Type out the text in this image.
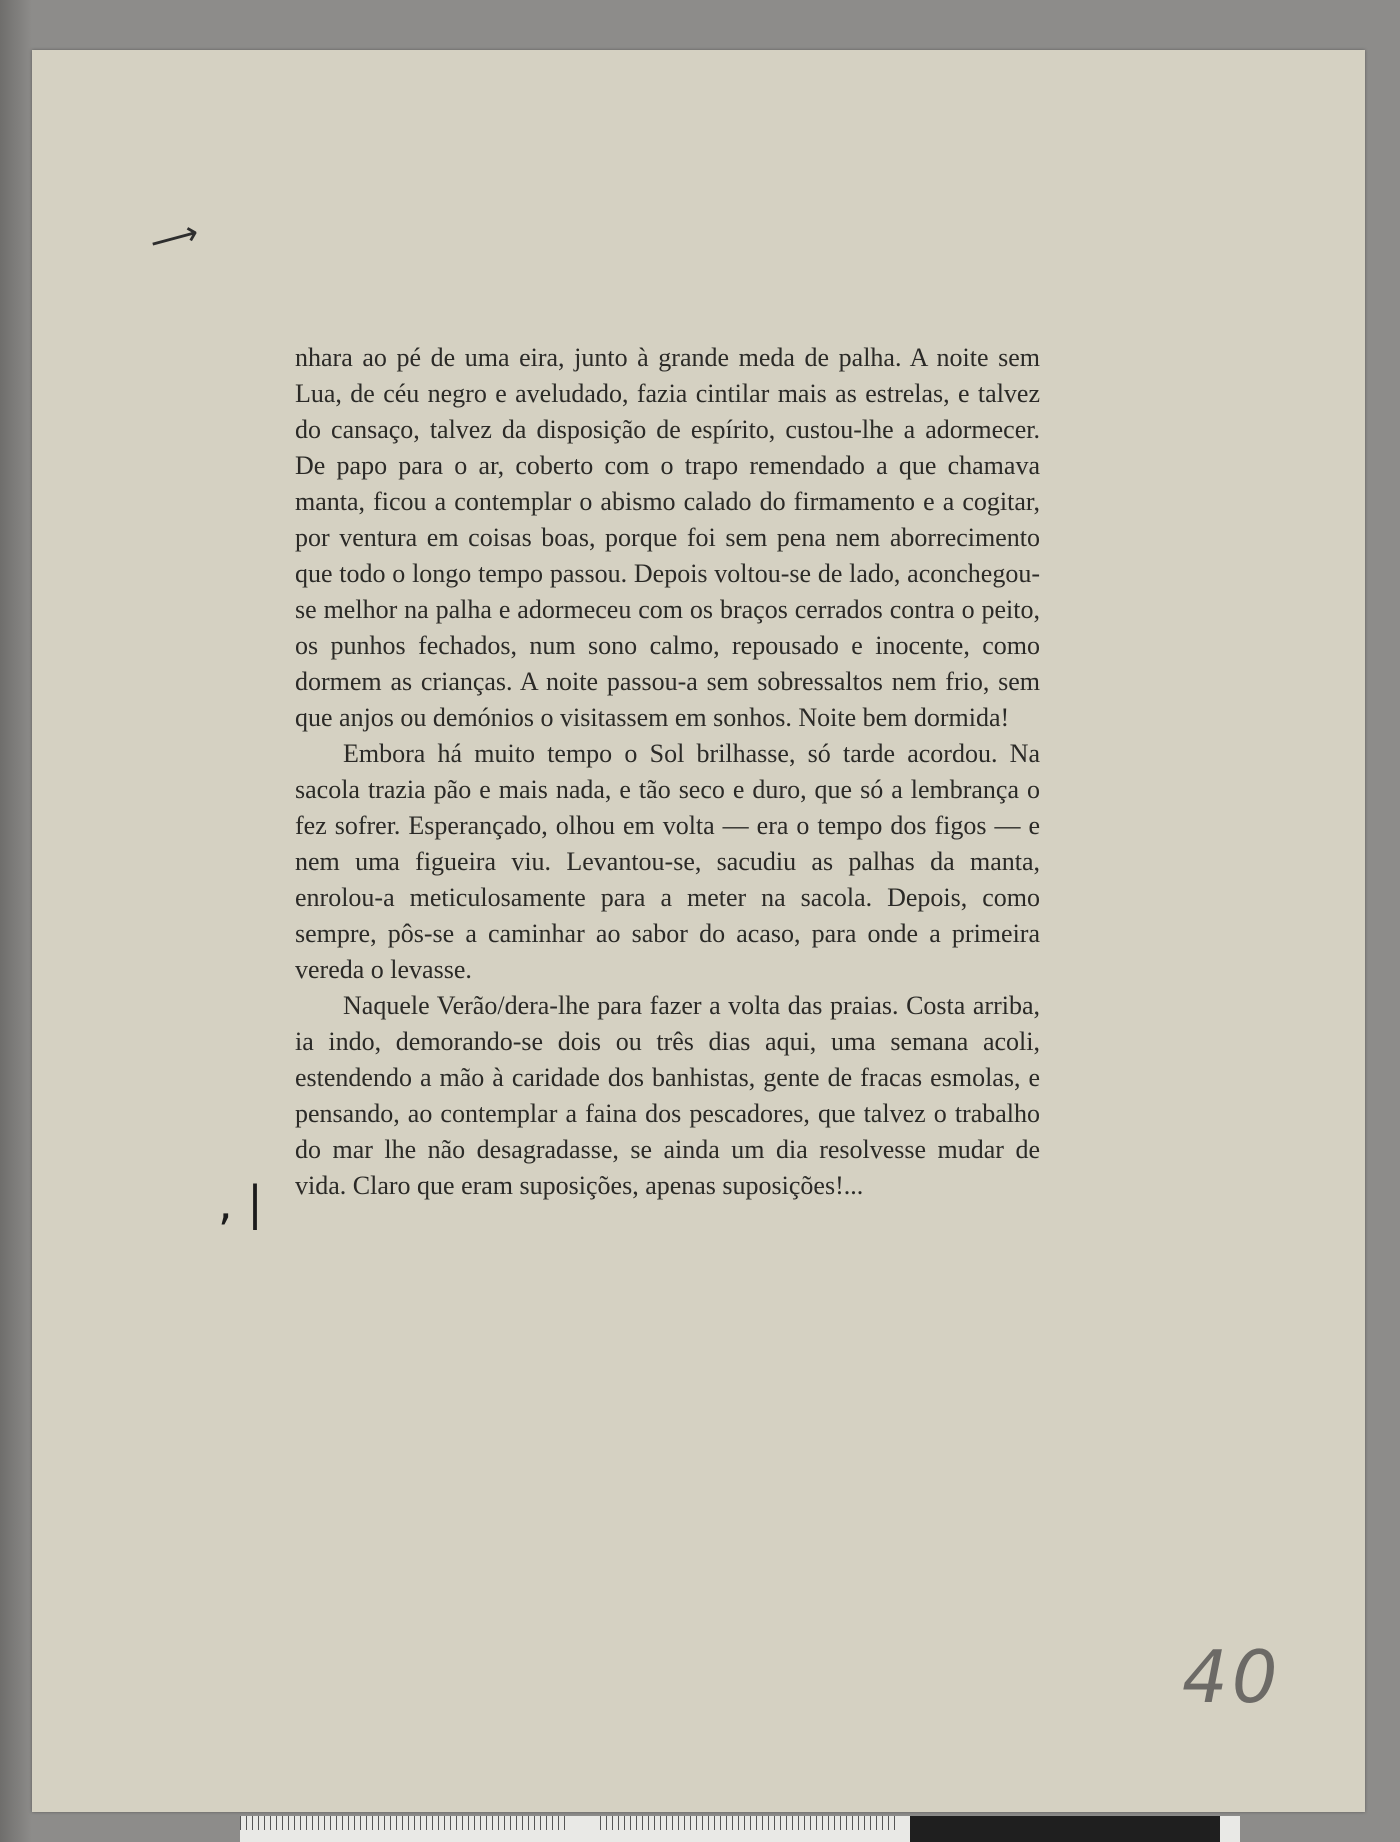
⟶

nhara ao pé de uma eira, junto à grande meda de palha. A noite sem Lua, de céu negro e aveludado, fazia cintilar mais as estrelas, e talvez do cansaço, talvez da disposição de espírito, custou-lhe a adormecer. De papo para o ar, coberto com o trapo remendado a que chamava manta, ficou a contemplar o abismo calado do firmamento e a cogitar, por ventura em coisas boas, porque foi sem pena nem aborrecimento que todo o longo tempo passou. Depois voltou-se de lado, aconchegou-se melhor na palha e adormeceu com os braços cerrados contra o peito, os punhos fechados, num sono calmo, repousado e inocente, como dormem as crianças. A noite passou-a sem sobressaltos nem frio, sem que anjos ou demónios o visitassem em sonhos. Noite bem dormida!

Embora há muito tempo o Sol brilhasse, só tarde acordou. Na sacola trazia pão e mais nada, e tão seco e duro, que só a lembrança o fez sofrer. Esperançado, olhou em volta — era o tempo dos figos — e nem uma figueira viu. Levantou-se, sacudiu as palhas da manta, enrolou-a meticulosamente para a meter na sacola. Depois, como sempre, pôs-se a caminhar ao sabor do acaso, para onde a primeira vereda o levasse.

Naquele Verão/dera-lhe para fazer a volta das praias. Costa arriba, ia indo, demorando-se dois ou três dias aqui, uma semana acoli, estendendo a mão à caridade dos banhistas, gente de fracas esmolas, e pensando, ao contemplar a faina dos pescadores, que talvez o trabalho do mar lhe não desagradasse, se ainda um dia resolvesse mudar de vida. Claro que eram suposições, apenas suposições!...

, |
40
